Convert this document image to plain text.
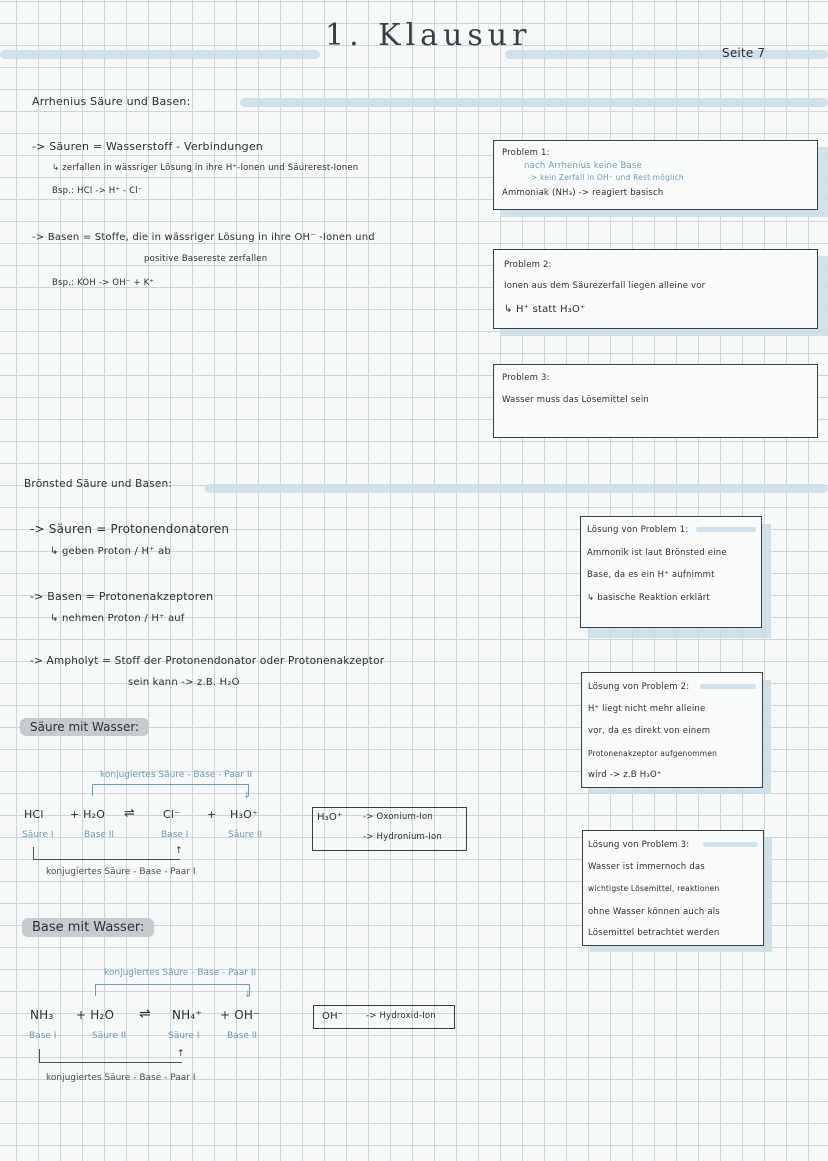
1. Klausur	Seite 7
Arrhenius Säure und Basen:
-> Säuren = Wasserstoff - Verbindungen
↳ zerfallen in wässriger Lösung in ihre H⁺-Ionen und Säurerest-Ionen
Bsp.: HCl -> H⁺ - Cl⁻
-> Basen = Stoffe, die in wässriger Lösung in ihre OH⁻ -Ionen und
positive Basereste zerfallen
Bsp.: KOH -> OH⁻ + K⁺
Problem 1:
nach Arrhenius keine Base
-> kein Zerfall in OH⁻ und Rest möglich
Ammoniak (NH₃) -> reagiert basisch
Problem 2:
Ionen aus dem Säurezerfall liegen alleine vor
↳ H⁺ statt H₃O⁺
Problem 3:
Wasser muss das Lösemittel sein
Brönsted Säure und Basen:
-> Säuren = Protonendonatoren
↳ geben Proton / H⁺ ab
-> Basen = Protonenakzeptoren
↳ nehmen Proton / H⁺ auf
-> Ampholyt = Stoff der Protonendonator oder Protonenakzeptor
sein kann -> z.B. H₂O
Lösung von Problem 1:
Ammonik ist laut Brönsted eine
Base, da es ein H⁺ aufnimmt
↳ basische Reaktion erklärt
Lösung von Problem 2:
H⁺ liegt nicht mehr alleine
vor, da es direkt von einem
Protonenakzeptor aufgenommen
wird -> z.B H₃O⁺
Lösung von Problem 3:
Wasser ist immernoch das
wichtigste Lösemittel, reaktionen
ohne Wasser können auch als
Lösemittel betrachtet werden
Säure mit Wasser:
konjugiertes Säure - Base - Paar II
↓
HCl + H₂O ⇌	Cl⁻ + H₃O⁺
Säure I	Base II	Base I	Säure II
↑
konjugiertes Säure - Base - Paar I
H₃O⁺ -> Oxonium-Ion
-> Hydronium-Ion
Base mit Wasser:
konjugiertes Säure - Base - Paar II
↓
NH₃ + H₂O ⇌ NH₄⁺ + OH⁻
Base I	Säure II	Säure I	Base II
↑
konjugiertes Säure - Base - Paar I
OH⁻	-> Hydroxid-Ion
